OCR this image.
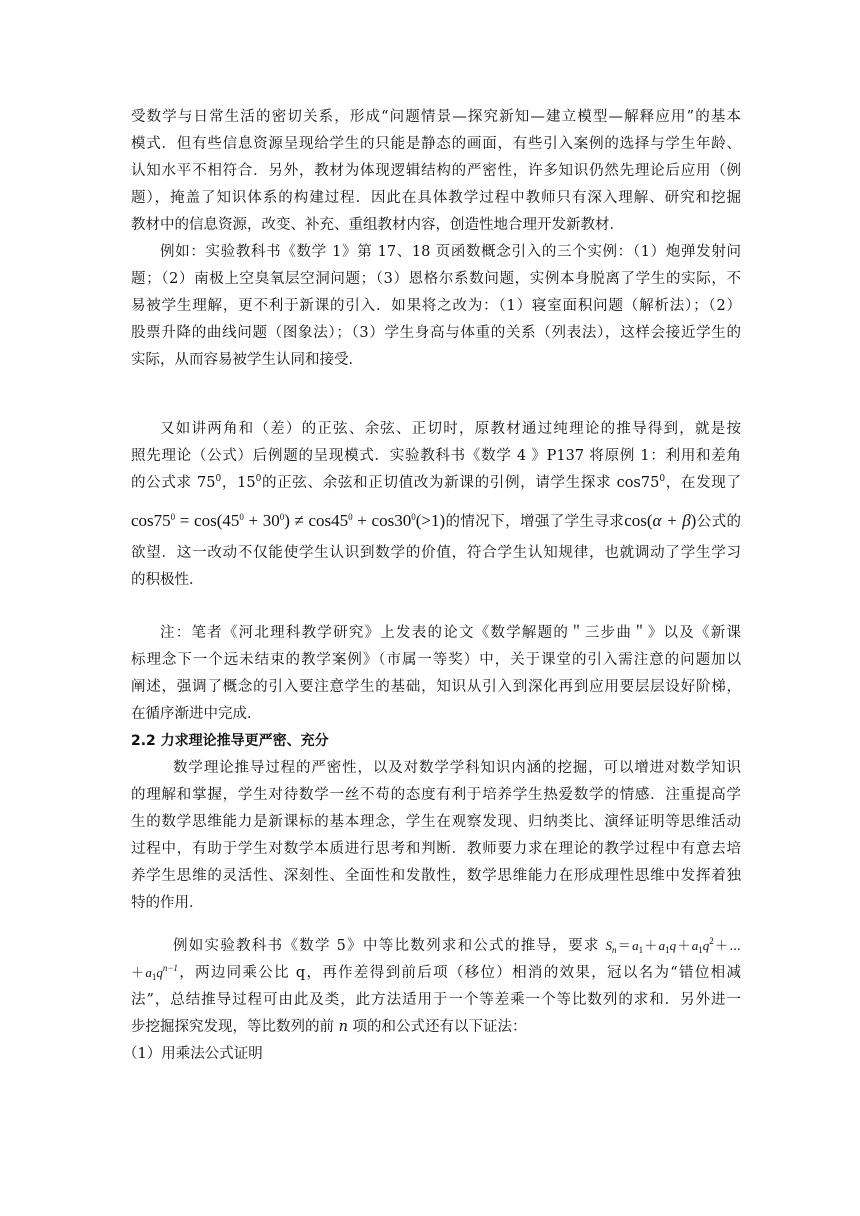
受数学与日常生活的密切关系，形成“问题情景—探究新知—建立模型—解释应用”的基本
模式．但有些信息资源呈现给学生的只能是静态的画面，有些引入案例的选择与学生年龄、
认知水平不相符合．另外，教材为体现逻辑结构的严密性，许多知识仍然先理论后应用（例
题），掩盖了知识体系的构建过程．因此在具体教学过程中教师只有深入理解、研究和挖掘
教材中的信息资源，改变、补充、重组教材内容，创造性地合理开发新教材．
例如：实验教科书《数学 1》第 17、18 页函数概念引入的三个实例：（1）炮弹发射问
题；（2）南极上空臭氧层空洞问题；（3）恩格尔系数问题，实例本身脱离了学生的实际，不
易被学生理解，更不利于新课的引入．如果将之改为：（1）寝室面积问题（解析法）；（2）
股票升降的曲线问题（图象法）；（3）学生身高与体重的关系（列表法），这样会接近学生的
实际，从而容易被学生认同和接受．
又如讲两角和（差）的正弦、余弦、正切时，原教材通过纯理论的推导得到，就是按
照先理论（公式）后例题的呈现模式．实验教科书《数学 4 》P137 将原例 1：利用和差角
的公式求 $75^0$，$15^0$的正弦、余弦和正切值改为新课的引例，请学生探求 $\cos 75^0$，在发现了
$\cos 75^0 = \cos(45^0 + 30^0) \ne \cos 45^0 + \cos 30^0(>1)$的情况下，增强了学生寻求cos(α + β)公式的
欲望．这一改动不仅能使学生认识到数学的价值，符合学生认知规律，也就调动了学生学习
的积极性．
注：笔者《河北理科教学研究》上发表的论文《数学解题的＂三步曲＂》以及《新课
标理念下一个远未结束的教学案例》（市属一等奖）中，关于课堂的引入需注意的问题加以
阐述，强调了概念的引入要注意学生的基础，知识从引入到深化再到应用要层层设好阶梯，
在循序渐进中完成．
2.2 力求理论推导更严密、充分
数学理论推导过程的严密性，以及对数学学科知识内涵的挖掘，可以增进对数学知识
的理解和掌握，学生对待数学一丝不苟的态度有利于培养学生热爱数学的情感．注重提高学
生的数学思维能力是新课标的基本理念，学生在观察发现、归纳类比、演绎证明等思维活动
过程中，有助于学生对数学本质进行思考和判断．教师要力求在理论的教学过程中有意去培
养学生思维的灵活性、深刻性、全面性和发散性，数学思维能力在形成理性思维中发挥着独
特的作用．
例如实验教科书《数学 5》中等比数列求和公式的推导，要求 $S_n=a_1+a_1q+a_1q^2+\cdots$
$+a_1q^{n-1}$，两边同乘公比 q，再作差得到前后项（移位）相消的效果，冠以名为“错位相减
法”，总结推导过程可由此及类，此方法适用于一个等差乘一个等比数列的求和．另外进一
步挖掘探究发现，等比数列的前 n 项的和公式还有以下证法：
（1）用乘法公式证明
